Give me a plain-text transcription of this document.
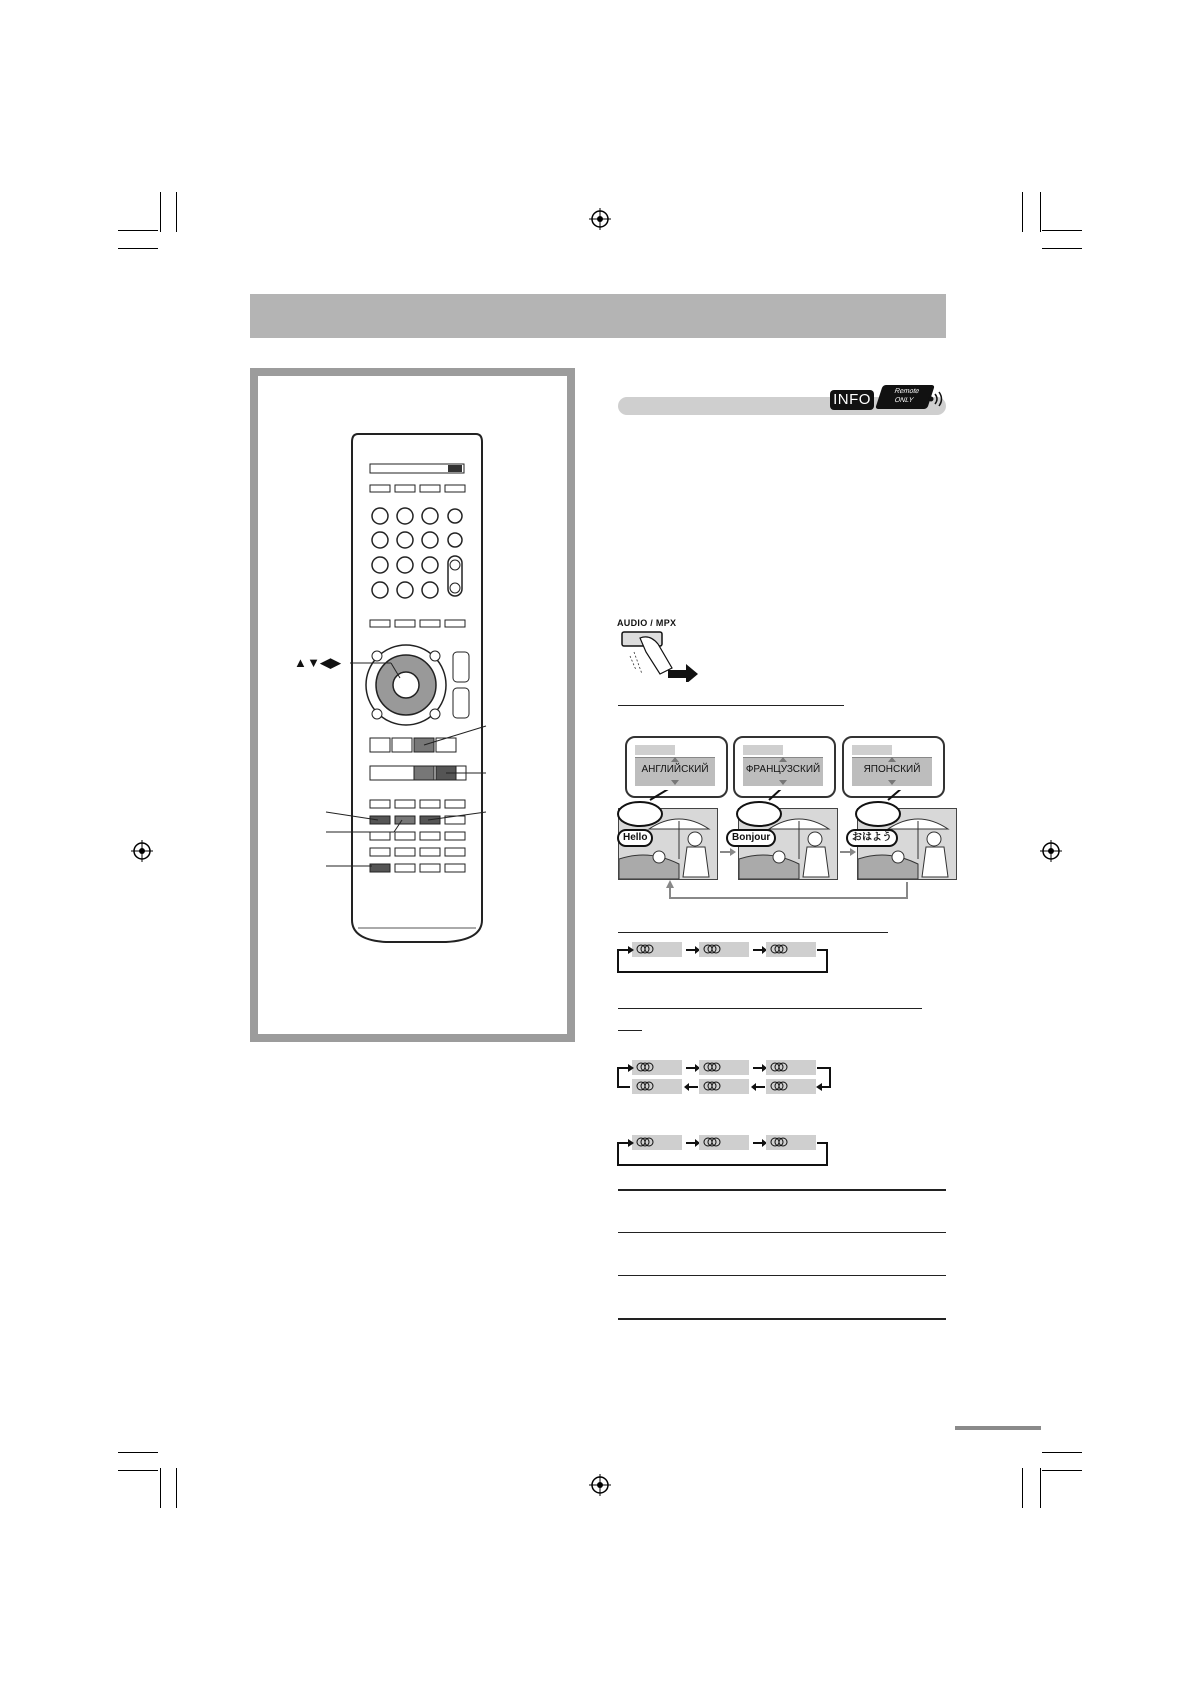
▲▼◀▶
INFO	Remote
ONLY
AUDIO / MPX
АНГЛИЙСКИЙ	ФРАНЦУЗСКИЙ	ЯПОНСКИЙ
Hello	Bonjour	おはよう
